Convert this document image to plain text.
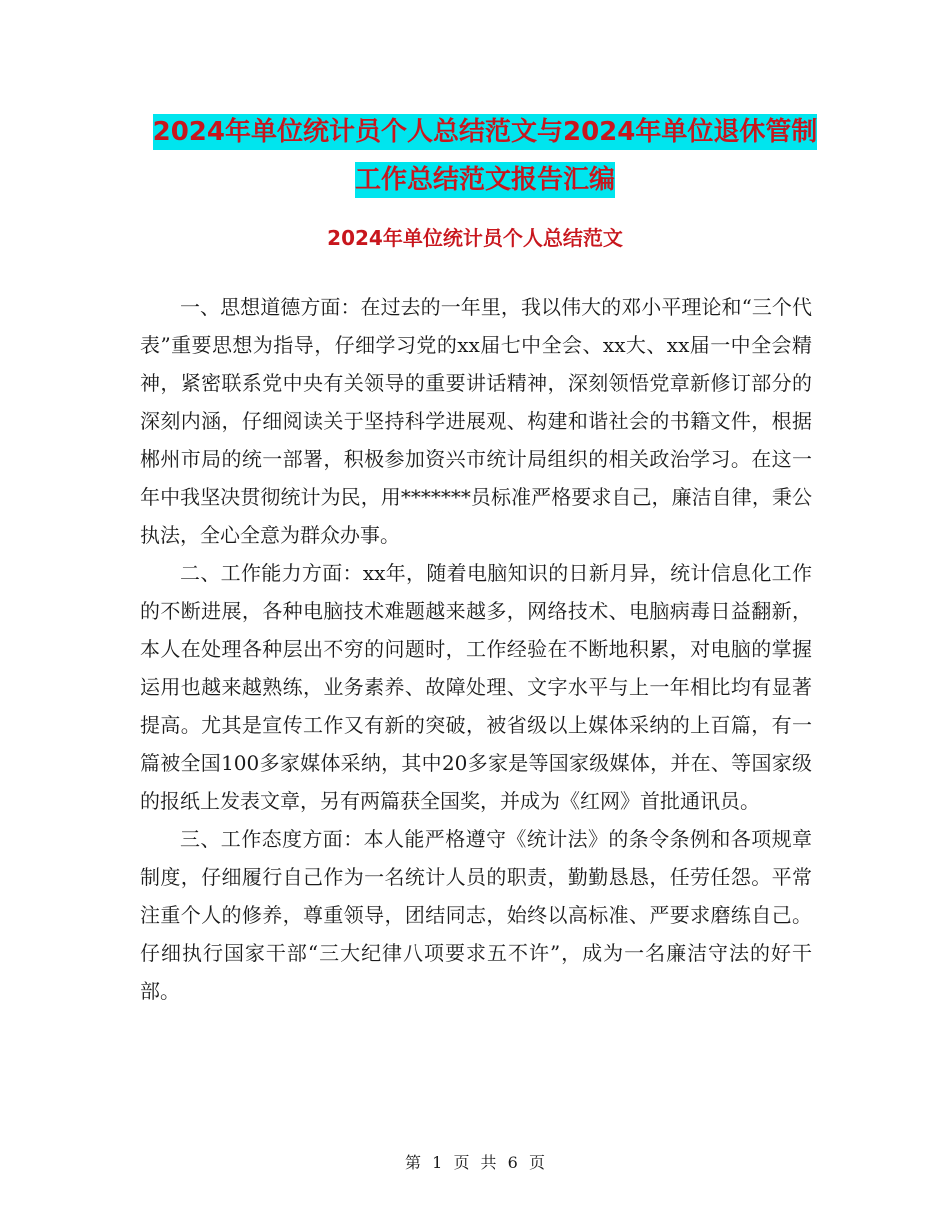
2024年单位统计员个人总结范文与2024年单位退休管制工作总结范文报告汇编
2024年单位统计员个人总结范文

一、思想道德方面：在过去的一年里，我以伟大的邓小平理论和“三个代表”重要思想为指导，仔细学习党的xx届七中全会、xx大、xx届一中全会精神，紧密联系党中央有关领导的重要讲话精神，深刻领悟党章新修订部分的深刻内涵，仔细阅读关于坚持科学进展观、构建和谐社会的书籍文件，根据郴州市局的统一部署，积极参加资兴市统计局组织的相关政治学习。在这一年中我坚决贯彻统计为民，用*******员标准严格要求自己，廉洁自律，秉公执法，全心全意为群众办事。

二、工作能力方面：xx年，随着电脑知识的日新月异，统计信息化工作的不断进展，各种电脑技术难题越来越多，网络技术、电脑病毒日益翻新，本人在处理各种层出不穷的问题时，工作经验在不断地积累，对电脑的掌握运用也越来越熟练，业务素养、故障处理、文字水平与上一年相比均有显著提高。尤其是宣传工作又有新的突破，被省级以上媒体采纳的上百篇，有一篇被全国100多家媒体采纳，其中20多家是等国家级媒体，并在、等国家级的报纸上发表文章，另有两篇获全国奖，并成为《红网》首批通讯员。

三、工作态度方面：本人能严格遵守《统计法》的条令条例和各项规章制度，仔细履行自己作为一名统计人员的职责，勤勤恳恳，任劳任怨。平常注重个人的修养，尊重领导，团结同志，始终以高标准、严要求磨练自己。仔细执行国家干部“三大纪律八项要求五不许”，成为一名廉洁守法的好干部。

第 1 页 共 6 页
